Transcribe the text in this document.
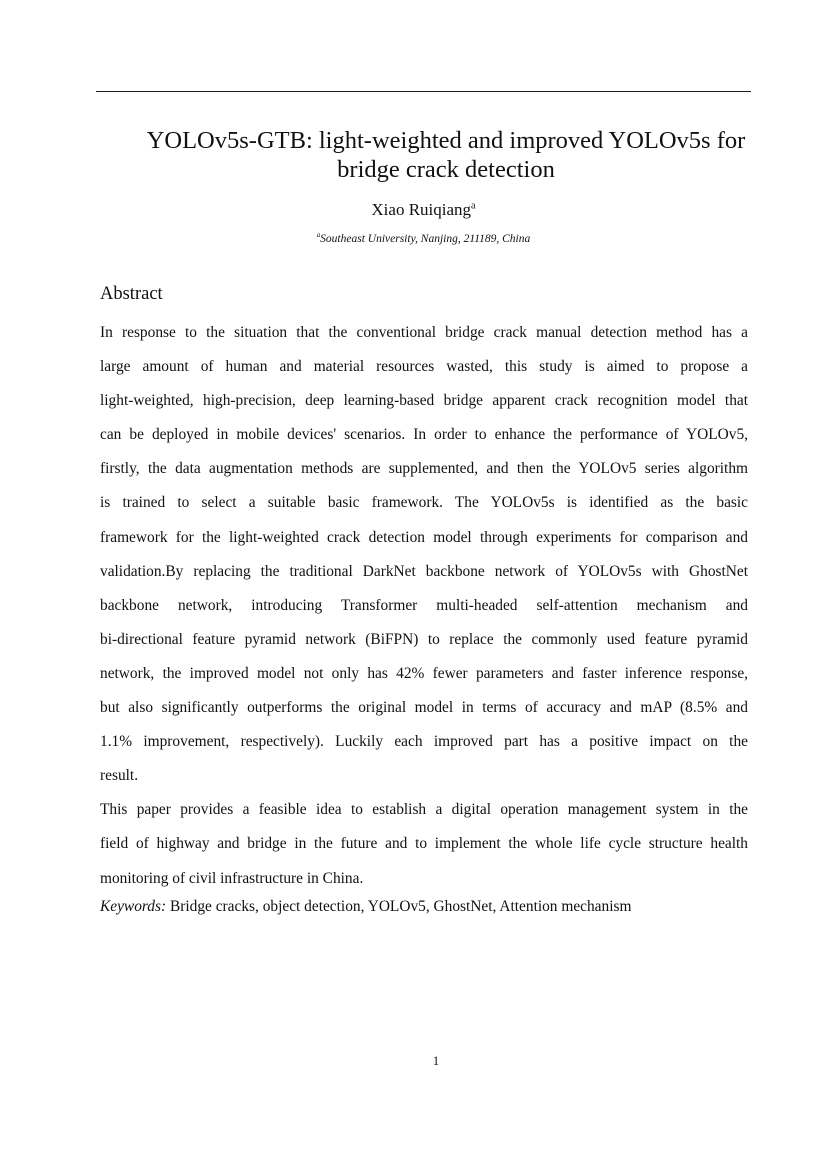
YOLOv5s-GTB: light-weighted and improved YOLOv5s for
bridge crack detection
Xiao Ruiqiang$^a$
$^a$Southeast University, Nanjing, 211189, China
Abstract
In response to the situation that the conventional bridge crack manual detection method has a
large amount of human and material resources wasted, this study is aimed to propose a
light-weighted, high-precision, deep learning-based bridge apparent crack recognition model that
can be deployed in mobile devices' scenarios. In order to enhance the performance of YOLOv5,
firstly, the data augmentation methods are supplemented, and then the YOLOv5 series algorithm
is trained to select a suitable basic framework. The YOLOv5s is identified as the basic
framework for the light-weighted crack detection model through experiments for comparison and
validation.By replacing the traditional DarkNet backbone network of YOLOv5s with GhostNet
backbone network, introducing Transformer multi-headed self-attention mechanism and
bi-directional feature pyramid network (BiFPN) to replace the commonly used feature pyramid
network, the improved model not only has 42% fewer parameters and faster inference response,
but also significantly outperforms the original model in terms of accuracy and mAP (8.5% and
1.1% improvement, respectively). Luckily each improved part has a positive impact on the
result.
This paper provides a feasible idea to establish a digital operation management system in the
field of highway and bridge in the future and to implement the whole life cycle structure health
monitoring of civil infrastructure in China.
Keywords: Bridge cracks, object detection, YOLOv5, GhostNet, Attention mechanism
1
